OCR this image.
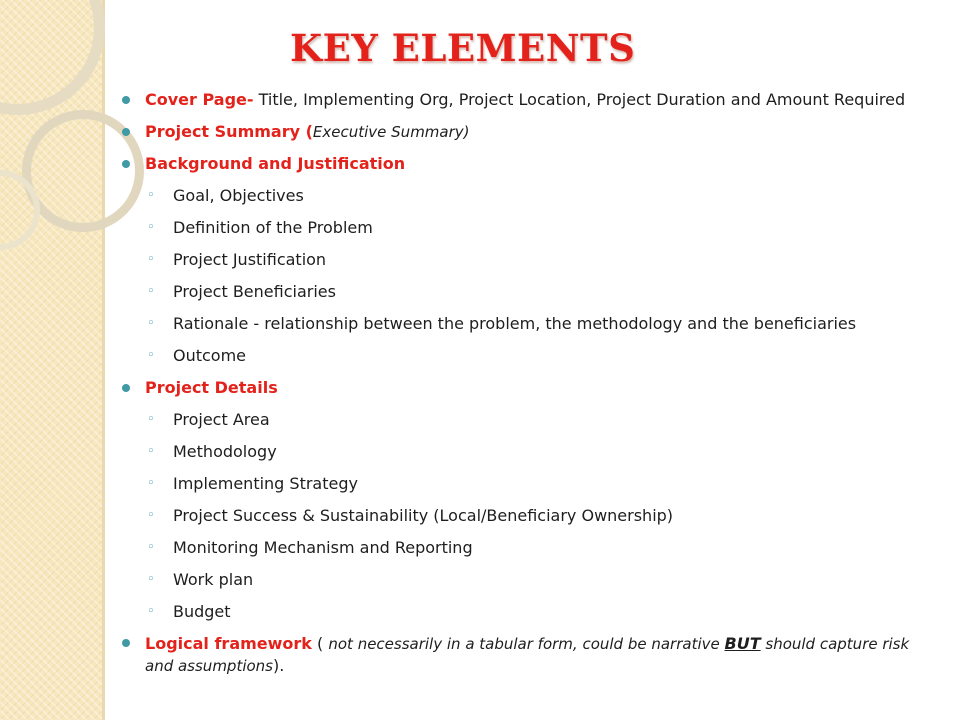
KEY ELEMENTS
Cover Page- Title, Implementing Org, Project Location, Project Duration and Amount Required
Project Summary (Executive Summary)
Background and Justification
◦ Goal, Objectives
◦ Definition of the Problem
◦ Project Justification
◦ Project Beneficiaries
◦ Rationale - relationship between the problem, the methodology and the beneficiaries
◦ Outcome
Project Details
◦ Project Area
◦ Methodology
◦ Implementing Strategy
◦ Project Success & Sustainability (Local/Beneficiary Ownership)
◦ Monitoring Mechanism and Reporting
◦ Work plan
◦ Budget
Logical framework ( not necessarily in a tabular form, could be narrative BUT should capture risk and assumptions).
